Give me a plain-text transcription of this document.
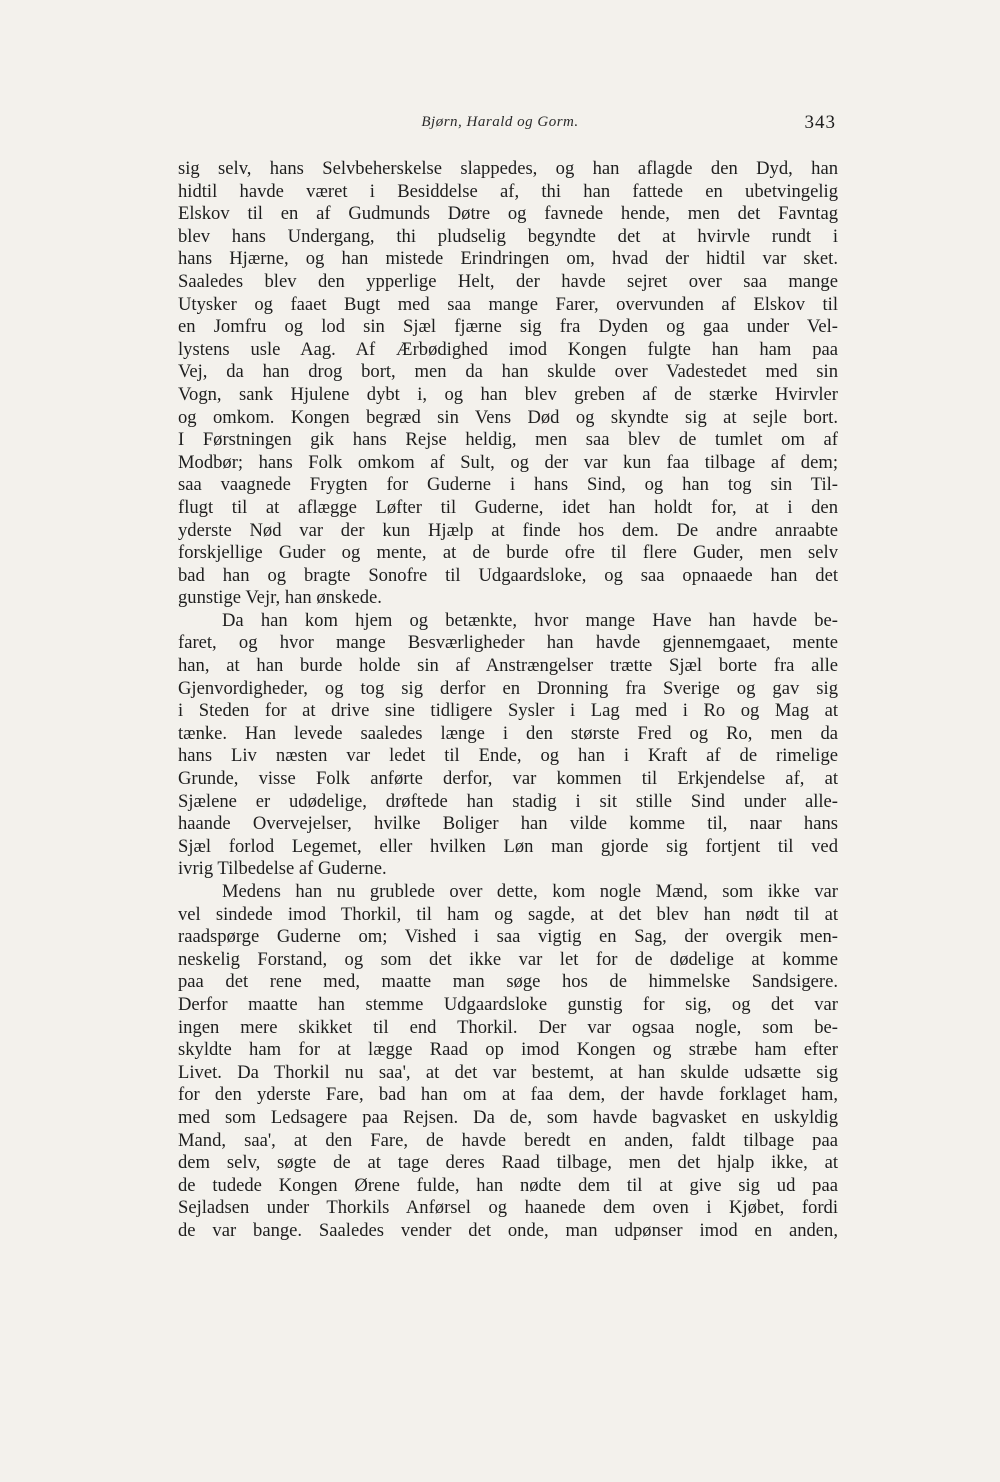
Bjørn, Harald og Gorm.	343
sig selv, hans Selvbeherskelse slappedes, og han aflagde den Dyd, han
hidtil havde været i Besiddelse af, thi han fattede en ubetvingelig
Elskov til en af Gudmunds Døtre og favnede hende, men det Favntag
blev hans Undergang, thi pludselig begyndte det at hvirvle rundt i
hans Hjærne, og han mistede Erindringen om, hvad der hidtil var sket.
Saaledes blev den ypperlige Helt, der havde sejret over saa mange
Utysker og faaet Bugt med saa mange Farer, overvunden af Elskov til
en Jomfru og lod sin Sjæl fjærne sig fra Dyden og gaa under Vel-
lystens usle Aag. Af Ærbødighed imod Kongen fulgte han ham paa
Vej, da han drog bort, men da han skulde over Vadestedet med sin
Vogn, sank Hjulene dybt i, og han blev greben af de stærke Hvirvler
og omkom. Kongen begræd sin Vens Død og skyndte sig at sejle bort.
I Førstningen gik hans Rejse heldig, men saa blev de tumlet om af
Modbør; hans Folk omkom af Sult, og der var kun faa tilbage af dem;
saa vaagnede Frygten for Guderne i hans Sind, og han tog sin Til-
flugt til at aflægge Løfter til Guderne, idet han holdt for, at i den
yderste Nød var der kun Hjælp at finde hos dem. De andre anraabte
forskjellige Guder og mente, at de burde ofre til flere Guder, men selv
bad han og bragte Sonofre til Udgaardsloke, og saa opnaaede han det
gunstige Vejr, han ønskede.
Da han kom hjem og betænkte, hvor mange Have han havde be-
faret, og hvor mange Besværligheder han havde gjennemgaaet, mente
han, at han burde holde sin af Anstrængelser trætte Sjæl borte fra alle
Gjenvordigheder, og tog sig derfor en Dronning fra Sverige og gav sig
i Steden for at drive sine tidligere Sysler i Lag med i Ro og Mag at
tænke. Han levede saaledes længe i den største Fred og Ro, men da
hans Liv næsten var ledet til Ende, og han i Kraft af de rimelige
Grunde, visse Folk anførte derfor, var kommen til Erkjendelse af, at
Sjælene er udødelige, drøftede han stadig i sit stille Sind under alle-
haande Overvejelser, hvilke Boliger han vilde komme til, naar hans
Sjæl forlod Legemet, eller hvilken Løn man gjorde sig fortjent til ved
ivrig Tilbedelse af Guderne.
Medens han nu grublede over dette, kom nogle Mænd, som ikke var
vel sindede imod Thorkil, til ham og sagde, at det blev han nødt til at
raadspørge Guderne om; Vished i saa vigtig en Sag, der overgik men-
neskelig Forstand, og som det ikke var let for de dødelige at komme
paa det rene med, maatte man søge hos de himmelske Sandsigere.
Derfor maatte han stemme Udgaardsloke gunstig for sig, og det var
ingen mere skikket til end Thorkil. Der var ogsaa nogle, som be-
skyldte ham for at lægge Raad op imod Kongen og stræbe ham efter
Livet. Da Thorkil nu saa', at det var bestemt, at han skulde udsætte sig
for den yderste Fare, bad han om at faa dem, der havde forklaget ham,
med som Ledsagere paa Rejsen. Da de, som havde bagvasket en uskyldig
Mand, saa', at den Fare, de havde beredt en anden, faldt tilbage paa
dem selv, søgte de at tage deres Raad tilbage, men det hjalp ikke, at
de tudede Kongen Ørene fulde, han nødte dem til at give sig ud paa
Sejladsen under Thorkils Anførsel og haanede dem oven i Kjøbet, fordi
de var bange. Saaledes vender det onde, man udpønser imod en anden,
